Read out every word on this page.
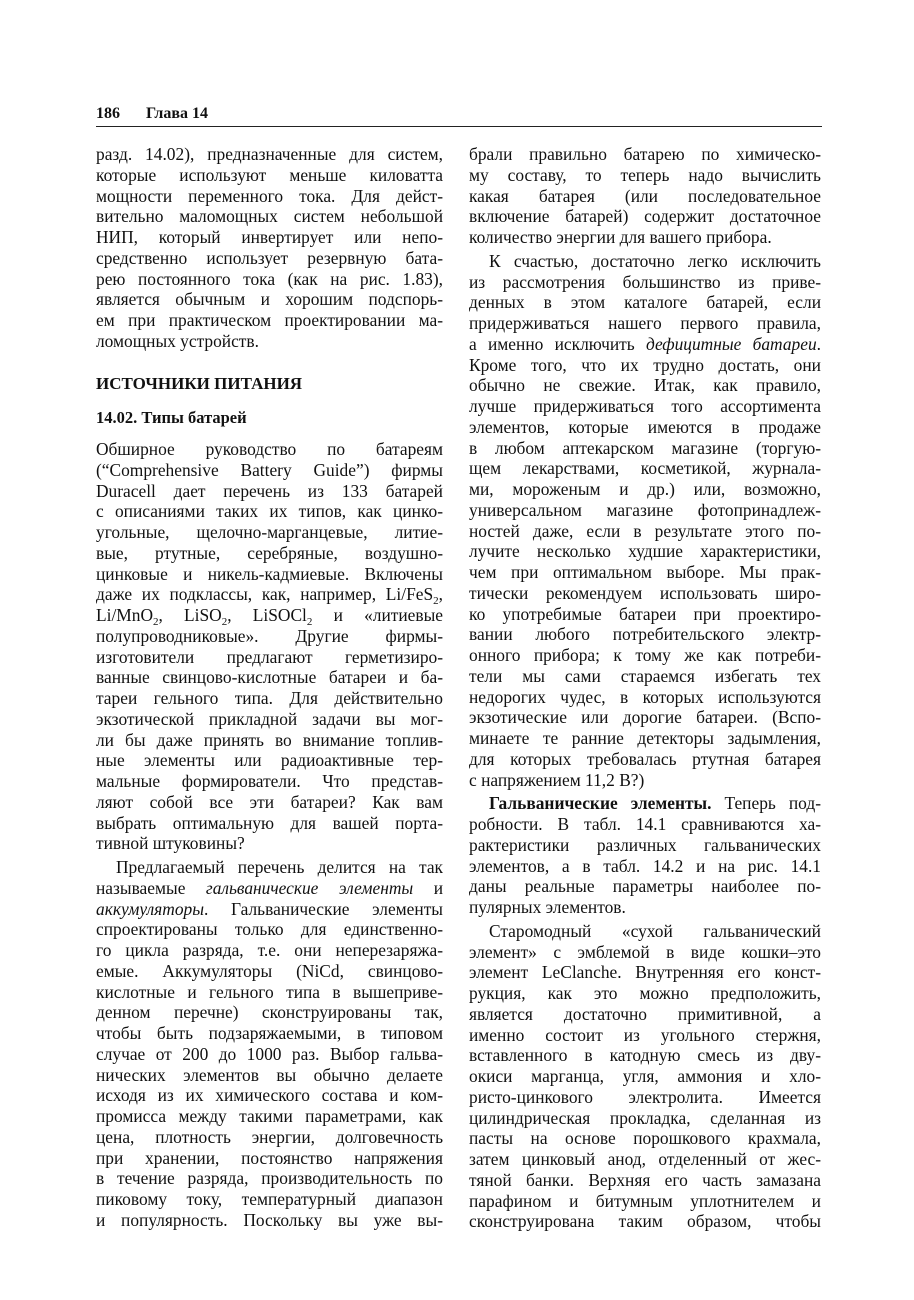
186 Глава 14
разд. 14.02), предназначенные для систем,
которые используют меньше киловатта
мощности переменного тока. Для дейст-
вительно маломощных систем небольшой
НИП, который инвертирует или непо-
средственно использует резервную бата-
рею постоянного тока (как на рис. 1.83),
является обычным и хорошим подспорь-
ем при практическом проектировании ма-
ломощных устройств.
ИСТОЧНИКИ ПИТАНИЯ
14.02. Типы батарей
Обширное руководство по батареям
(“Comprehensive Battery Guide”) фирмы
Duracell дает перечень из 133 батарей
с описаниями таких их типов, как цинко-
угольные, щелочно-марганцевые, литие-
вые, ртутные, серебряные, воздушно-
цинковые и никель-кадмиевые. Включены
даже их подклассы, как, например, Li/FeS$_2$,
Li/MnO$_2$, LiSO$_2$, LiSOCl$_2$ и «литиевые
полупроводниковые». Другие фирмы-
изготовители предлагают герметизиро-
ванные свинцово-кислотные батареи и ба-
тареи гельного типа. Для действительно
экзотической прикладной задачи вы мог-
ли бы даже принять во внимание топлив-
ные элементы или радиоактивные тер-
мальные формирователи. Что представ-
ляют собой все эти батареи? Как вам
выбрать оптимальную для вашей порта-
тивной штуковины?
Предлагаемый перечень делится на так
называемые гальванические элементы и
аккумуляторы. Гальванические элементы
спроектированы только для единственно-
го цикла разряда, т.е. они неперезаряжа-
емые. Аккумуляторы (NiCd, свинцово-
кислотные и гельного типа в вышеприве-
денном перечне) сконструированы так,
чтобы быть подзаряжаемыми, в типовом
случае от 200 до 1000 раз. Выбор гальва-
нических элементов вы обычно делаете
исходя из их химического состава и ком-
промисса между такими параметрами, как
цена, плотность энергии, долговечность
при хранении, постоянство напряжения
в течение разряда, производительность по
пиковому току, температурный диапазон
и популярность. Поскольку вы уже вы-
брали правильно батарею по химическо-
му составу, то теперь надо вычислить
какая батарея (или последовательное
включение батарей) содержит достаточное
количество энергии для вашего прибора.
К счастью, достаточно легко исключить
из рассмотрения большинство из приве-
денных в этом каталоге батарей, если
придерживаться нашего первого правила,
а именно исключить дефицитные батареи.
Кроме того, что их трудно достать, они
обычно не свежие. Итак, как правило,
лучше придерживаться того ассортимента
элементов, которые имеются в продаже
в любом аптекарском магазине (торгую-
щем лекарствами, косметикой, журнала-
ми, мороженым и др.) или, возможно,
универсальном магазине фотопринадлеж-
ностей даже, если в результате этого по-
лучите несколько худшие характеристики,
чем при оптимальном выборе. Мы прак-
тически рекомендуем использовать широ-
ко употребимые батареи при проектиро-
вании любого потребительского электр-
онного прибора; к тому же как потреби-
тели мы сами стараемся избегать тех
недорогих чудес, в которых используются
экзотические или дорогие батареи. (Вспо-
минаете те ранние детекторы задымления,
для которых требовалась ртутная батарея
с напряжением 11,2 В?)
Гальванические элементы. Теперь под-
робности. В табл. 14.1 сравниваются ха-
рактеристики различных гальванических
элементов, а в табл. 14.2 и на рис. 14.1
даны реальные параметры наиболее по-
пулярных элементов.
Старомодный «сухой гальванический
элемент» с эмблемой в виде кошки–это
элемент LeClanche. Внутренняя его конст-
рукция, как это можно предположить,
является достаточно примитивной, а
именно состоит из угольного стержня,
вставленного в катодную смесь из дву-
окиси марганца, угля, аммония и хло-
ристо-цинкового электролита. Имеется
цилиндрическая прокладка, сделанная из
пасты на основе порошкового крахмала,
затем цинковый анод, отделенный от жес-
тяной банки. Верхняя его часть замазана
парафином и битумным уплотнителем и
сконструирована таким образом, чтобы
